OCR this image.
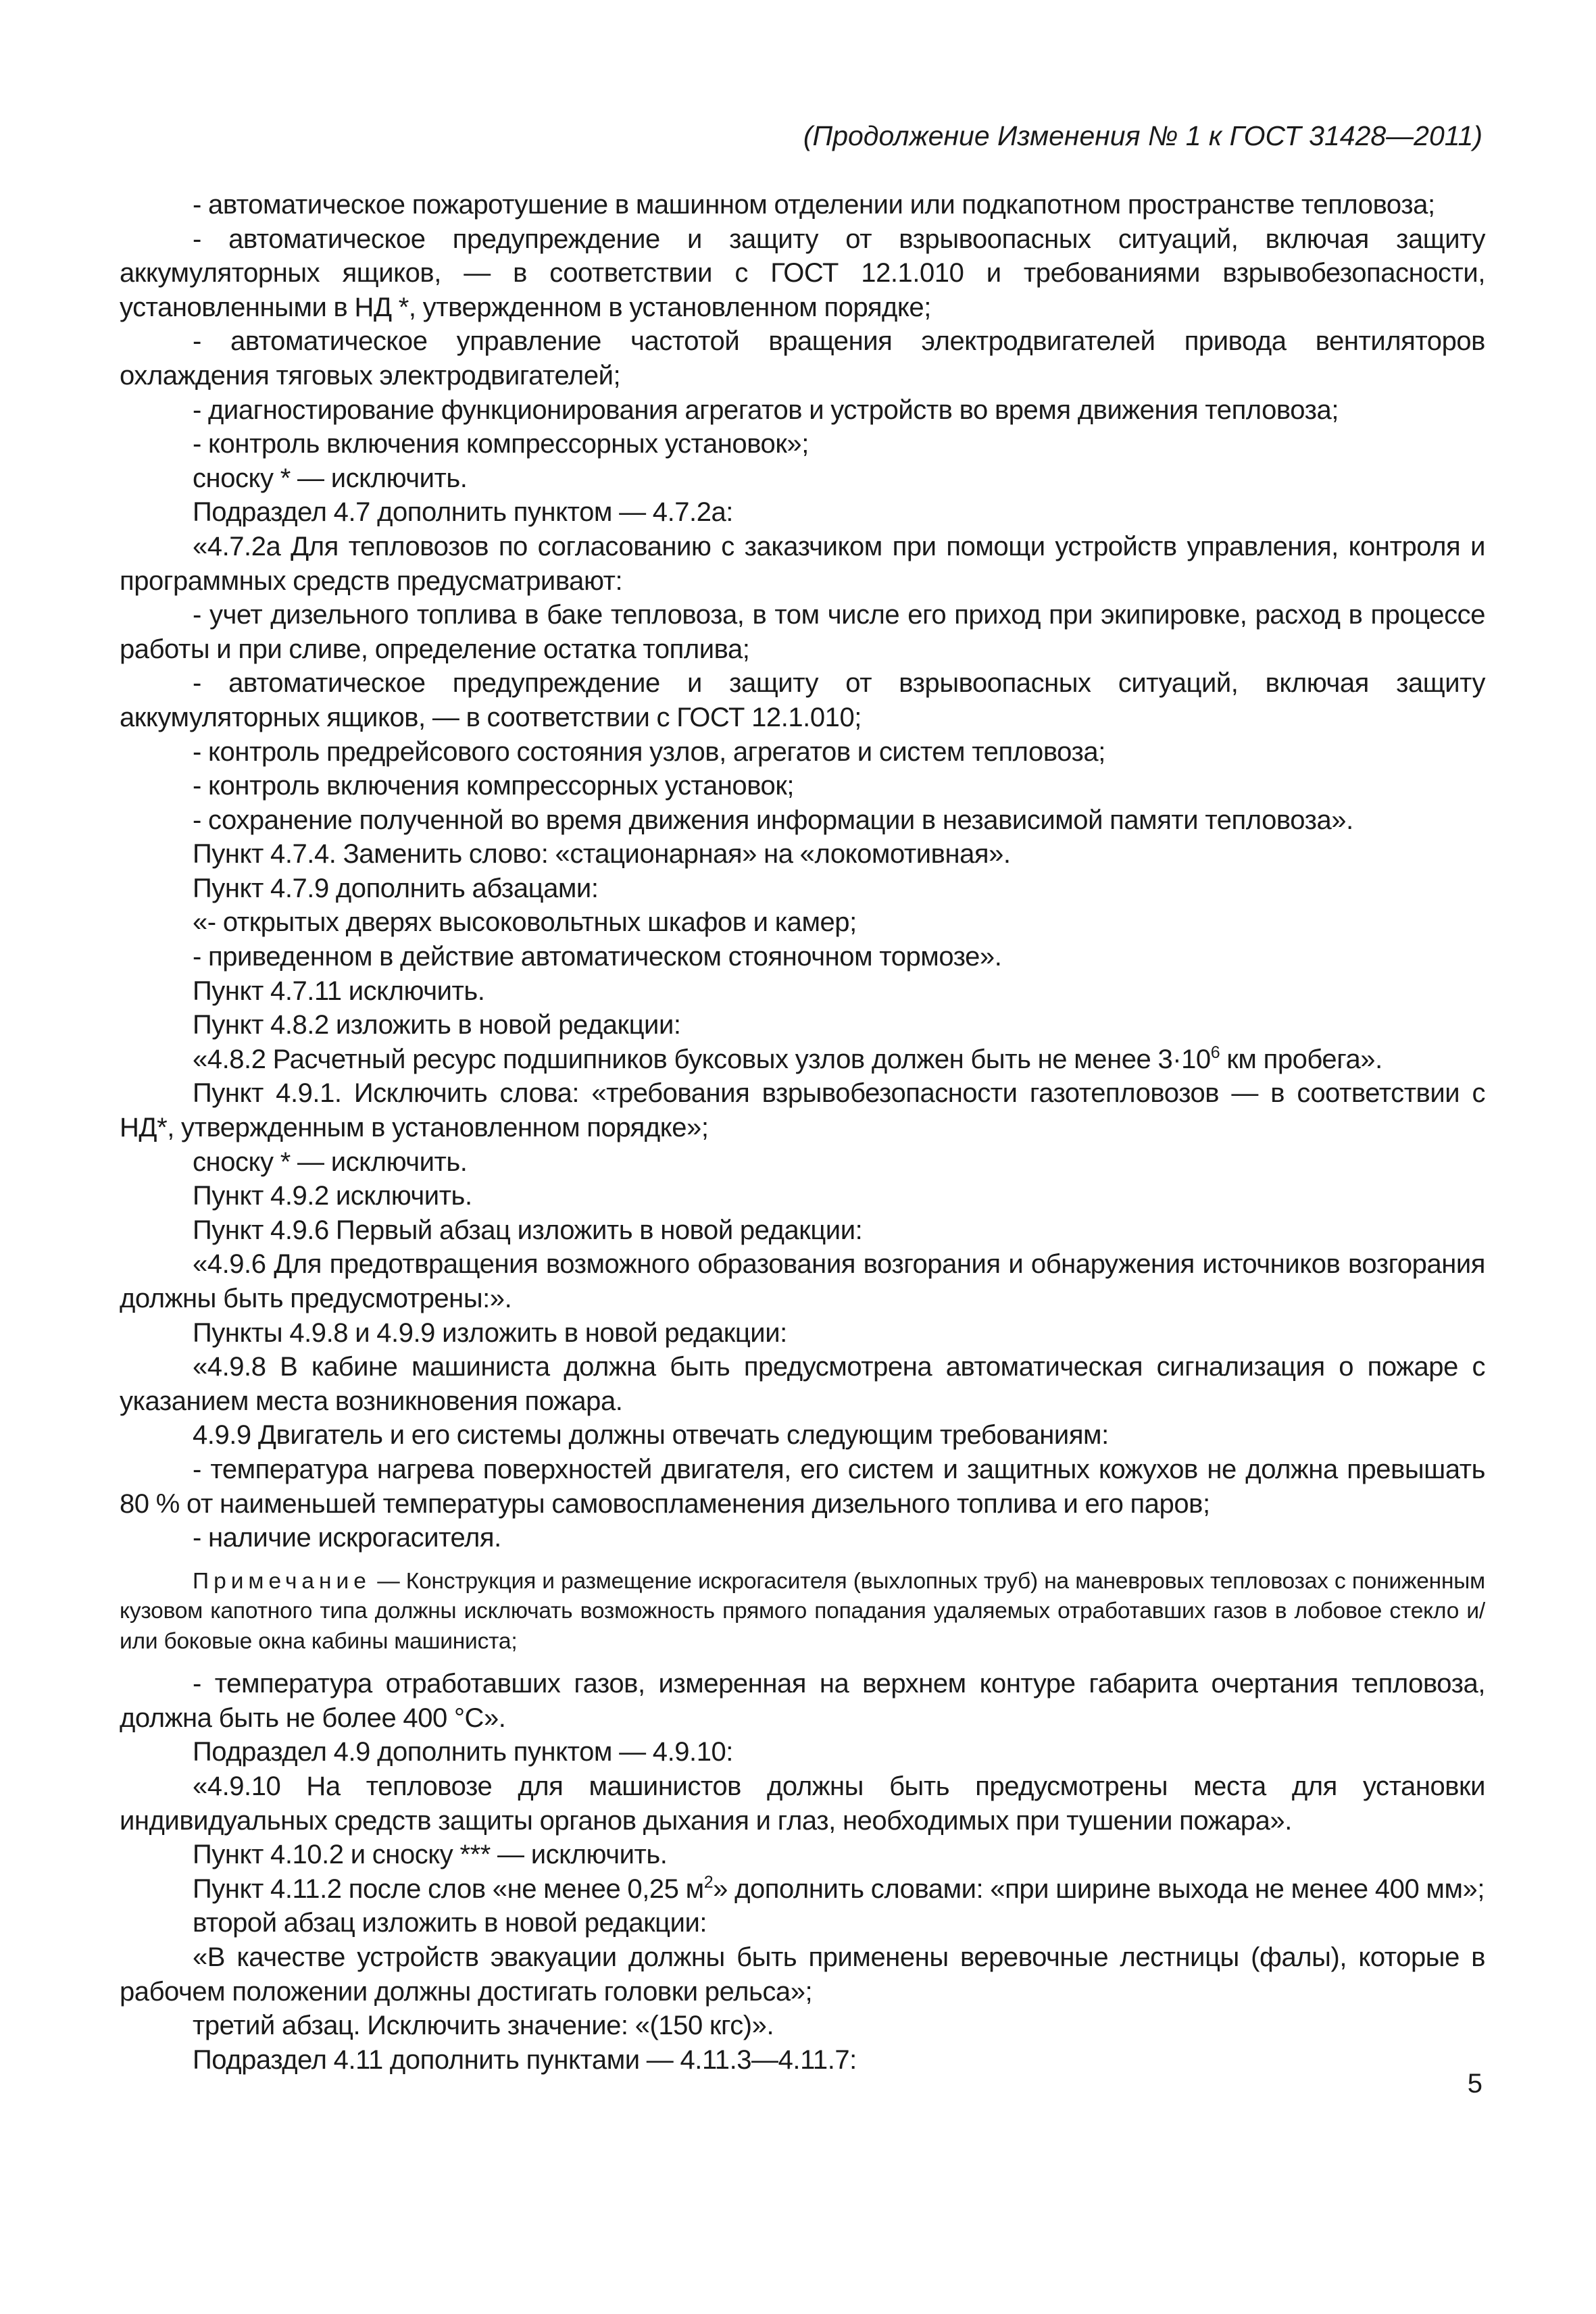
(Продолжение Изменения № 1 к ГОСТ 31428—2011)

- автоматическое пожаротушение в машинном отделении или подкапотном пространстве тепловоза;

- автоматическое предупреждение и защиту от взрывоопасных ситуаций, включая защиту аккумуляторных ящиков, — в соответствии с ГОСТ 12.1.010 и требованиями взрывобезопасности, установленными в НД *, утвержденном в установленном порядке;

- автоматическое управление частотой вращения электродвигателей привода вентиляторов охлаждения тяговых электродвигателей;

- диагностирование функционирования агрегатов и устройств во время движения тепловоза;

- контроль включения компрессорных установок»;

сноску * — исключить.

Подраздел 4.7 дополнить пунктом — 4.7.2а:

«4.7.2а Для тепловозов по согласованию с заказчиком при помощи устройств управления, контроля и программных средств предусматривают:

- учет дизельного топлива в баке тепловоза, в том числе его приход при экипировке, расход в процессе работы и при сливе, определение остатка топлива;

- автоматическое предупреждение и защиту от взрывоопасных ситуаций, включая защиту аккумуляторных ящиков, — в соответствии с ГОСТ 12.1.010;

- контроль предрейсового состояния узлов, агрегатов и систем тепловоза;

- контроль включения компрессорных установок;

- сохранение полученной во время движения информации в независимой памяти тепловоза».

Пункт 4.7.4. Заменить слово: «стационарная» на «локомотивная».

Пункт 4.7.9 дополнить абзацами:

«- открытых дверях высоковольтных шкафов и камер;

- приведенном в действие автоматическом стояночном тормозе».

Пункт 4.7.11 исключить.

Пункт 4.8.2 изложить в новой редакции:

«4.8.2 Расчетный ресурс подшипников буксовых узлов должен быть не менее $3\cdot 10^6$ км пробега».

Пункт 4.9.1. Исключить слова: «требования взрывобезопасности газотепловозов — в соответствии с НД*, утвержденным в установленном порядке»;

сноску * — исключить.

Пункт 4.9.2 исключить.

Пункт 4.9.6 Первый абзац изложить в новой редакции:

«4.9.6 Для предотвращения возможного образования возгорания и обнаружения источников возгорания должны быть предусмотрены:».

Пункты 4.9.8 и 4.9.9 изложить в новой редакции:

«4.9.8 В кабине машиниста должна быть предусмотрена автоматическая сигнализация о пожаре с указанием места возникновения пожара.

4.9.9 Двигатель и его системы должны отвечать следующим требованиям:

- температура нагрева поверхностей двигателя, его систем и защитных кожухов не должна превышать 80 % от наименьшей температуры самовоспламенения дизельного топлива и его паров;

- наличие искрогасителя.

Примечание — Конструкция и размещение искрогасителя (выхлопных труб) на маневровых тепловозах с пониженным кузовом капотного типа должны исключать возможность прямого попадания удаляемых отработавших газов в лобовое стекло и/или боковые окна кабины машиниста;

- температура отработавших газов, измеренная на верхнем контуре габарита очертания тепловоза, должна быть не более 400 °С».

Подраздел 4.9 дополнить пунктом — 4.9.10:

«4.9.10 На тепловозе для машинистов должны быть предусмотрены места для установки индивидуальных средств защиты органов дыхания и глаз, необходимых при тушении пожара».

Пункт 4.10.2 и сноску *** — исключить.

Пункт 4.11.2 после слов «не менее 0,25 $м^2$» дополнить словами: «при ширине выхода не менее 400 мм»;

второй абзац изложить в новой редакции:

«В качестве устройств эвакуации должны быть применены веревочные лестницы (фалы), которые в рабочем положении должны достигать головки рельса»;

третий абзац. Исключить значение: «(150 кгс)».

Подраздел 4.11 дополнить пунктами — 4.11.3—4.11.7:

5
